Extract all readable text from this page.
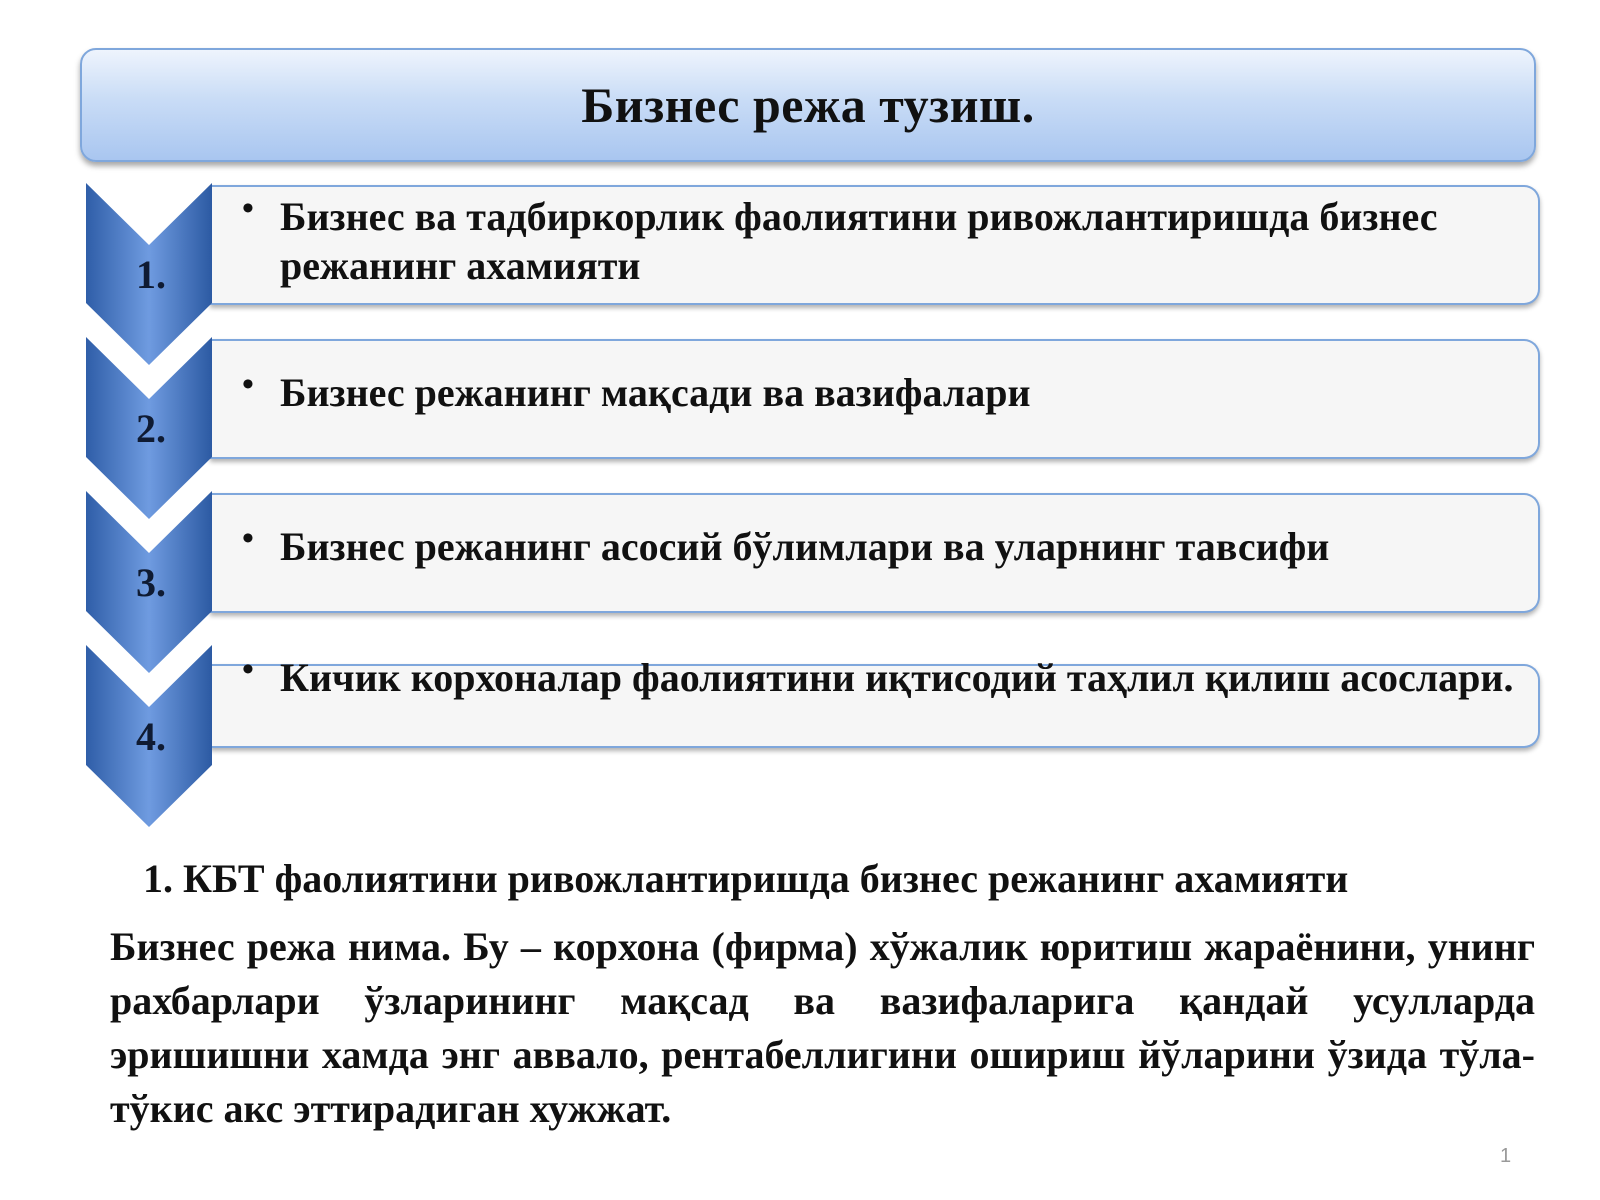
Бизнес режа тузиш.
1.
• Бизнес ва тадбиркорлик фаолиятини ривожлантиришда бизнес режанинг ахамияти
2.
• Бизнес режанинг мақсади ва вазифалари
3.
• Бизнес режанинг асосий бўлимлари ва уларнинг тавсифи
4.
• Кичик корхоналар фаолиятини иқтисодий таҳлил қилиш асослари.
1. КБТ фаолиятини ривожлантиришда бизнес режанинг ахамияти
Бизнес режа нима. Бу – корхона (фирма) хўжалик юритиш жараёнини, унинг рахбарлари ўзларининг мақсад ва вазифаларига қандай усулларда эришишни хамда энг аввало, рентабеллигини ошириш йўларини ўзида тўла-тўкис акс эттирадиган хужжат.
1
